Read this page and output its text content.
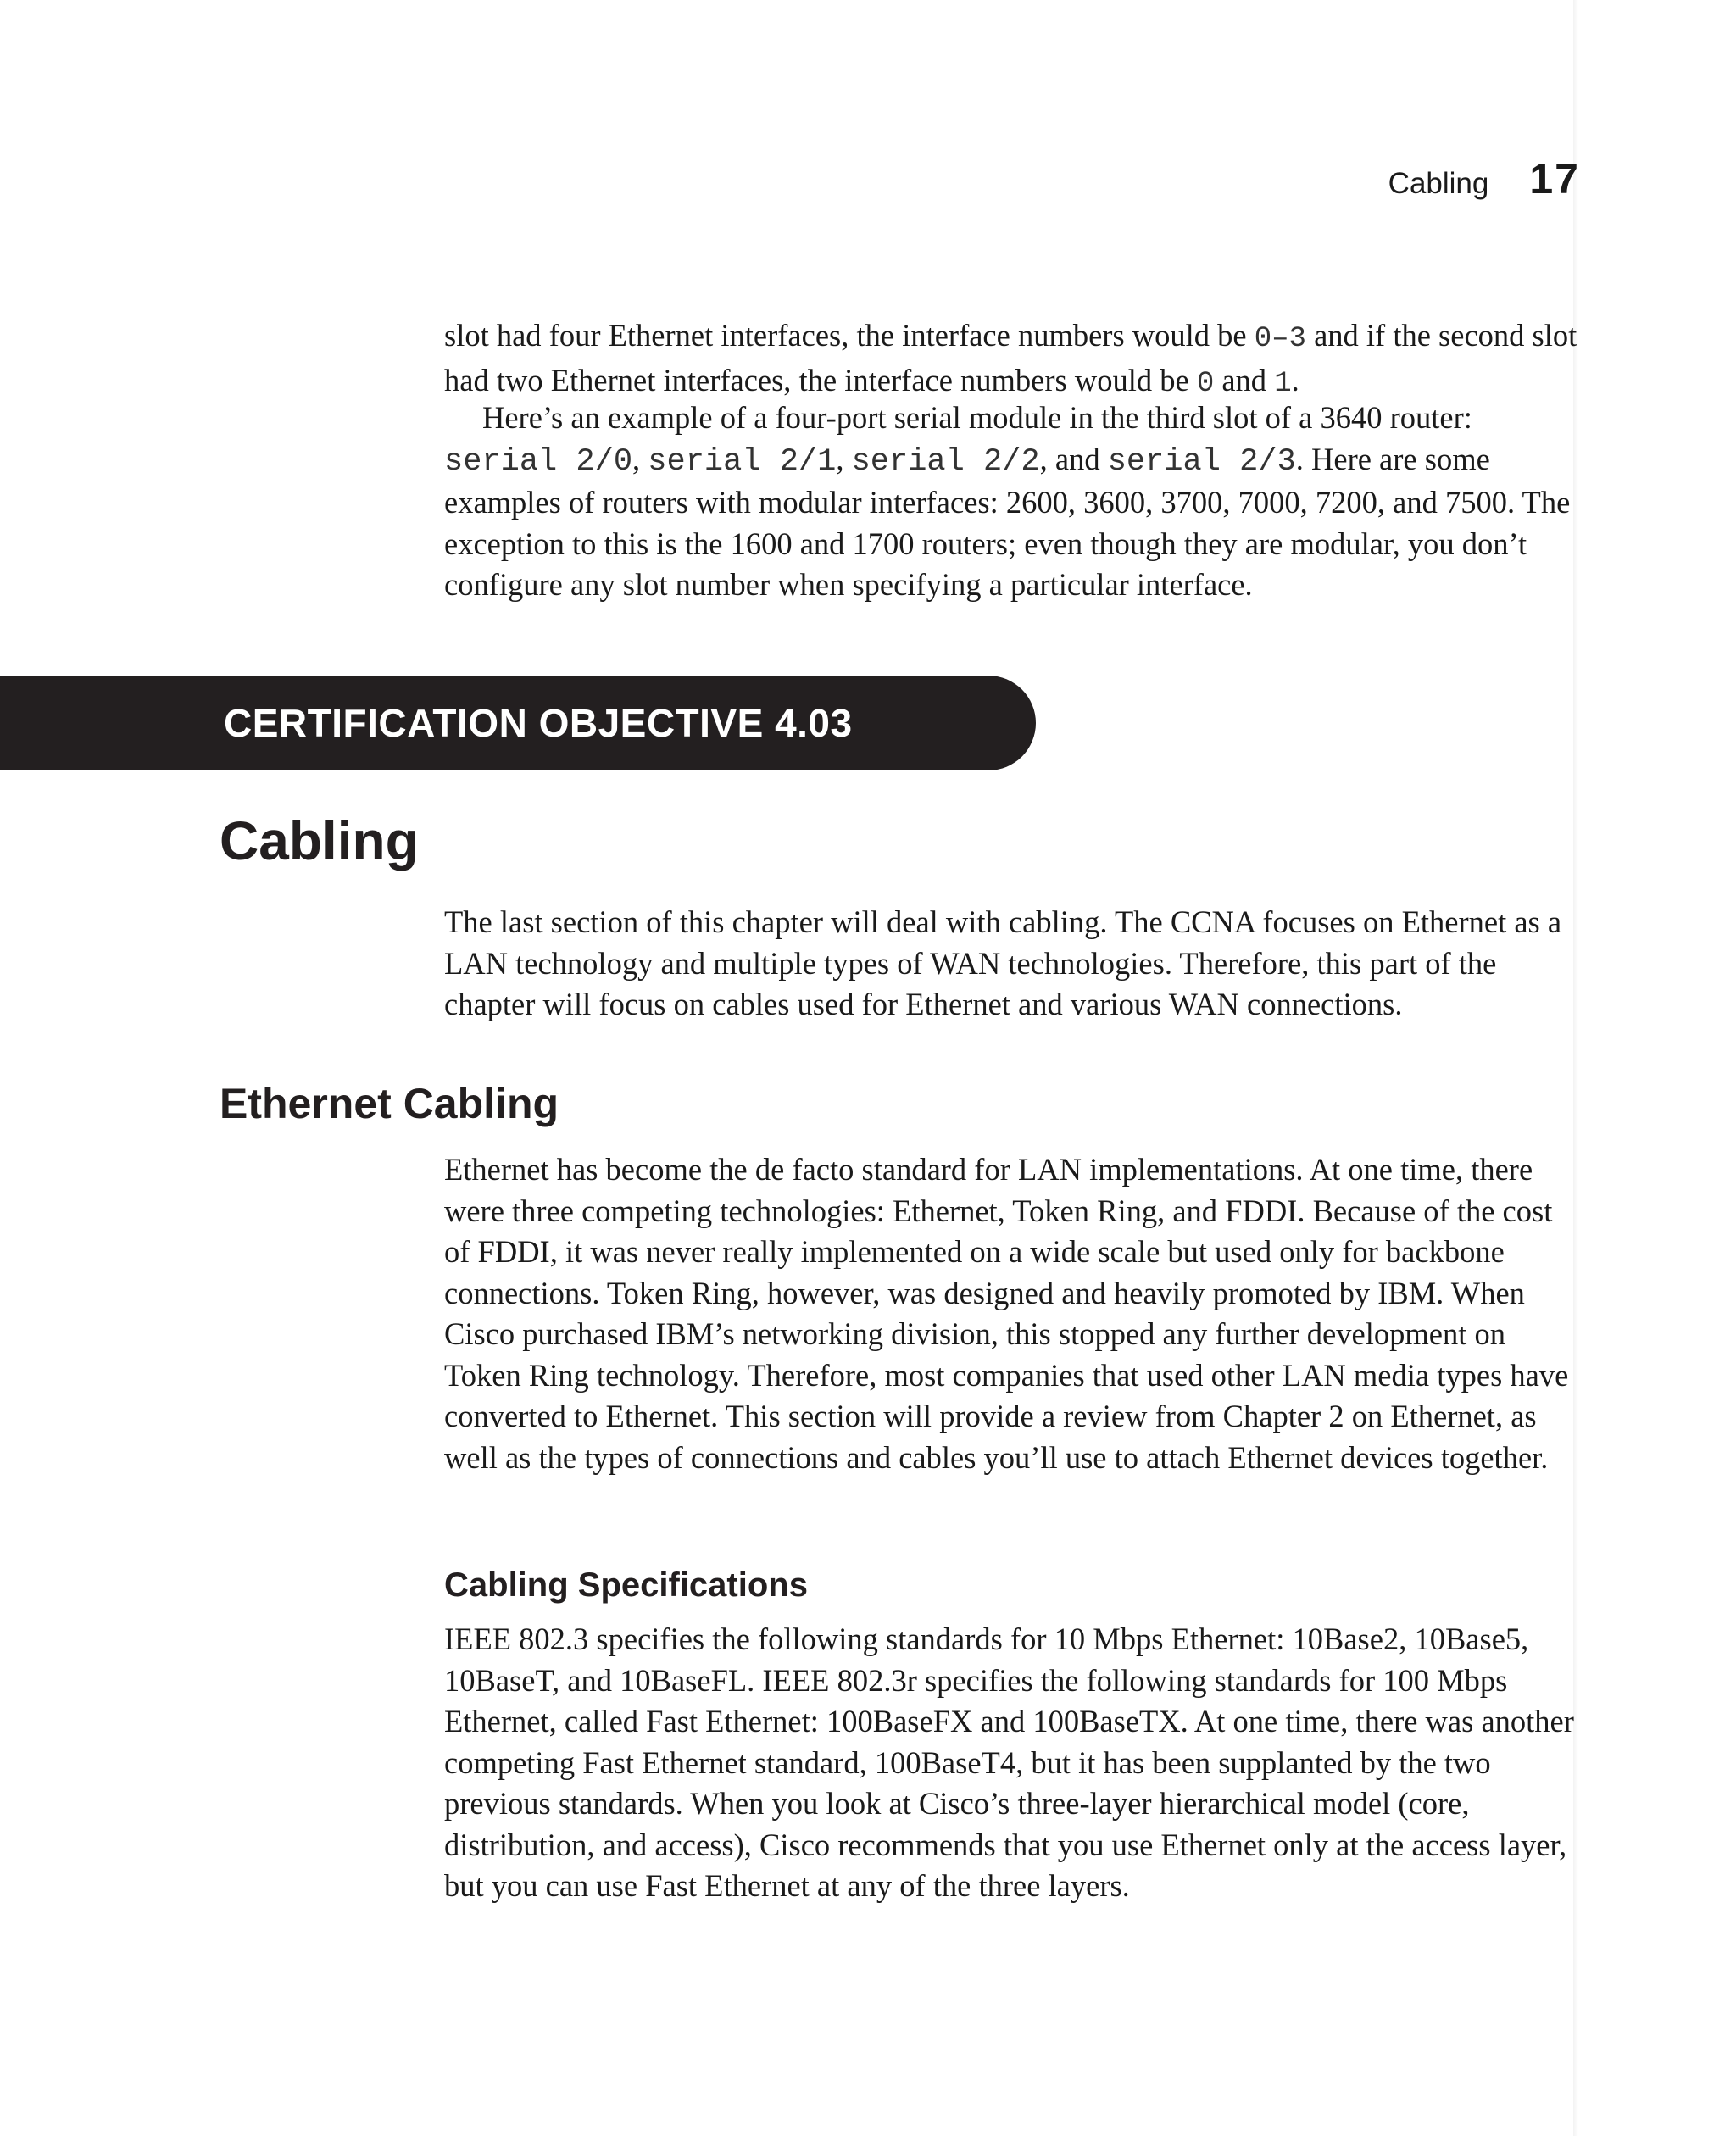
Cabling 17

slot had four Ethernet interfaces, the interface numbers would be 0–3 and if the second slot had two Ethernet interfaces, the interface numbers would be 0 and 1.

Here’s an example of a four-port serial module in the third slot of a 3640 router: serial 2/0, serial 2/1, serial 2/2, and serial 2/3. Here are some examples of routers with modular interfaces: 2600, 3600, 3700, 7000, 7200, and 7500. The exception to this is the 1600 and 1700 routers; even though they are modular, you don’t configure any slot number when specifying a particular interface.

CERTIFICATION OBJECTIVE 4.03
Cabling

The last section of this chapter will deal with cabling. The CCNA focuses on Ethernet as a LAN technology and multiple types of WAN technologies. Therefore, this part of the chapter will focus on cables used for Ethernet and various WAN connections.

Ethernet Cabling

Ethernet has become the de facto standard for LAN implementations. At one time, there were three competing technologies: Ethernet, Token Ring, and FDDI. Because of the cost of FDDI, it was never really implemented on a wide scale but used only for backbone connections. Token Ring, however, was designed and heavily promoted by IBM. When Cisco purchased IBM’s networking division, this stopped any further development on Token Ring technology. Therefore, most companies that used other LAN media types have converted to Ethernet. This section will provide a review from Chapter 2 on Ethernet, as well as the types of connections and cables you’ll use to attach Ethernet devices together.

Cabling Specifications

IEEE 802.3 specifies the following standards for 10 Mbps Ethernet: 10Base2, 10Base5, 10BaseT, and 10BaseFL. IEEE 802.3r specifies the following standards for 100 Mbps Ethernet, called Fast Ethernet: 100BaseFX and 100BaseTX. At one time, there was another competing Fast Ethernet standard, 100BaseT4, but it has been supplanted by the two previous standards. When you look at Cisco’s three-layer hierarchical model (core, distribution, and access), Cisco recommends that you use Ethernet only at the access layer, but you can use Fast Ethernet at any of the three layers.
